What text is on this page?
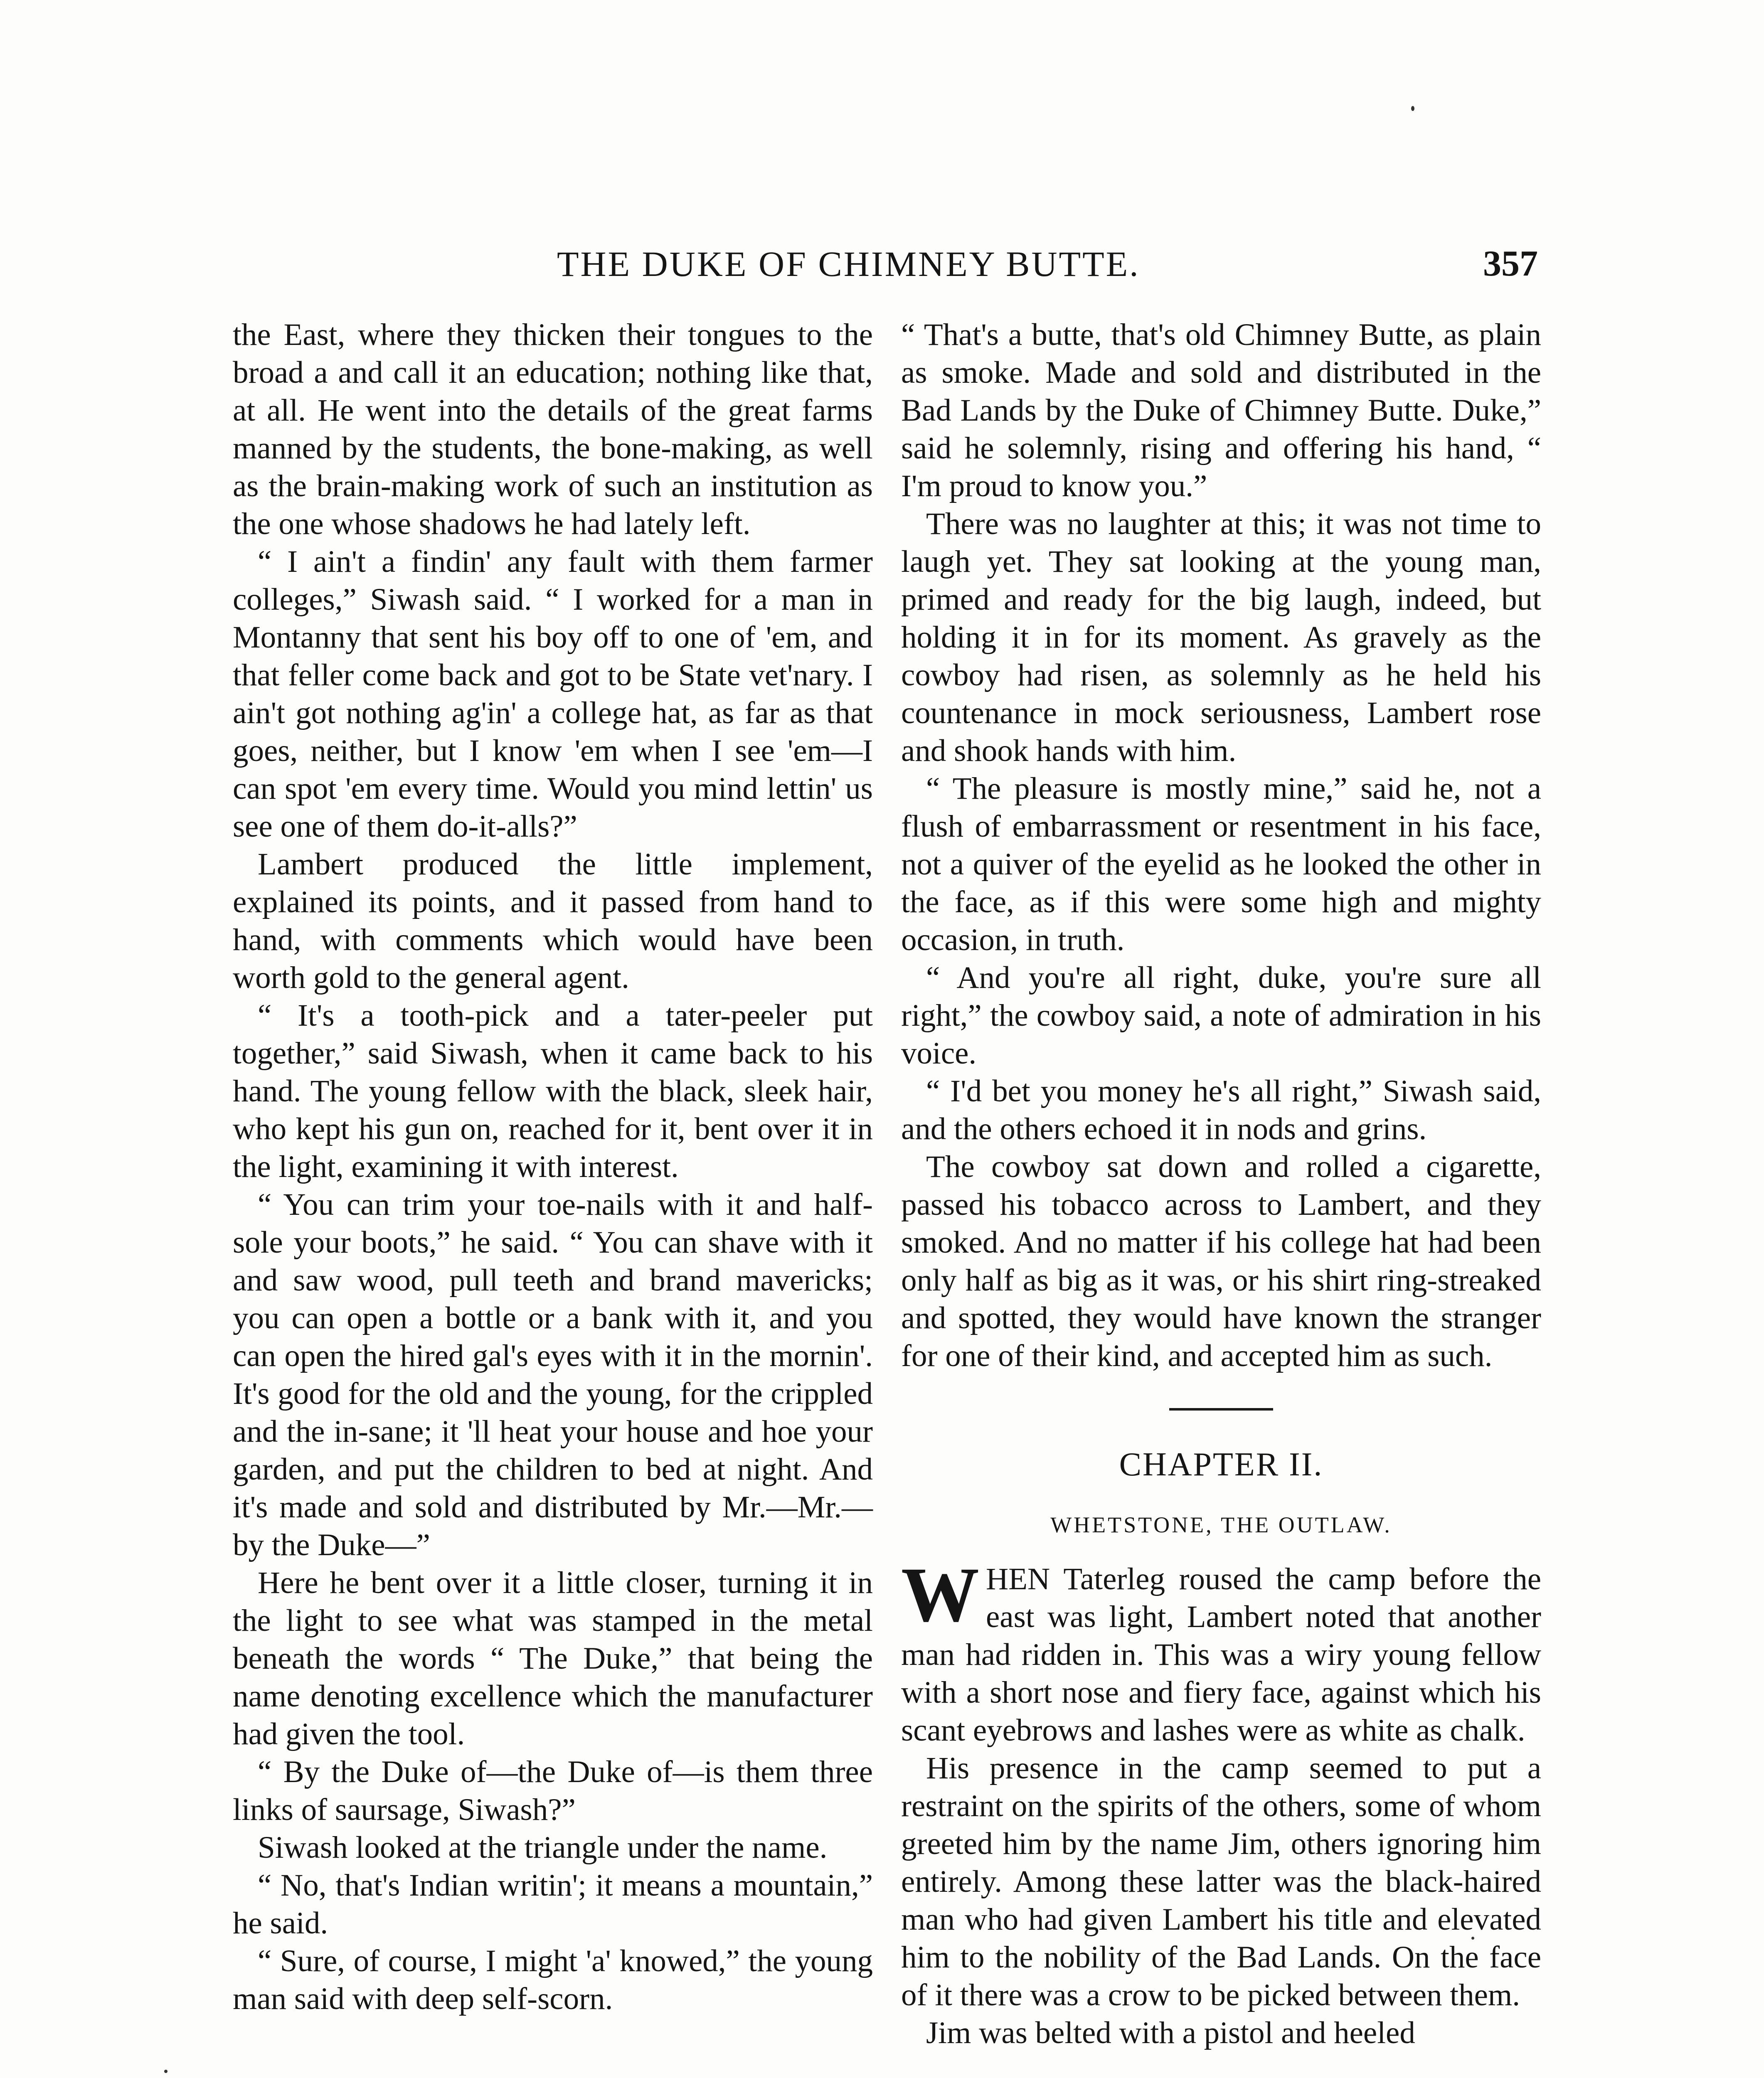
THE DUKE OF CHIMNEY BUTTE.	357

the East, where they thicken their tongues to the broad a and call it an education; nothing like that, at all. He went into the details of the great farms manned by the students, the bone-making, as well as the brain-making work of such an institution as the one whose shadows he had lately left.

“ I ain't a findin' any fault with them farmer colleges,” Siwash said. “ I worked for a man in Montanny that sent his boy off to one of 'em, and that feller come back and got to be State vet'nary. I ain't got nothing ag'in' a college hat, as far as that goes, neither, but I know 'em when I see 'em—I can spot 'em every time. Would you mind lettin' us see one of them do-it-alls?”

Lambert produced the little implement, explained its points, and it passed from hand to hand, with comments which would have been worth gold to the general agent.

“ It's a tooth-pick and a tater-peeler put together,” said Siwash, when it came back to his hand. The young fellow with the black, sleek hair, who kept his gun on, reached for it, bent over it in the light, examining it with interest.

“ You can trim your toe-nails with it and half-sole your boots,” he said. “ You can shave with it and saw wood, pull teeth and brand mavericks; you can open a bottle or a bank with it, and you can open the hired gal's eyes with it in the mornin'. It's good for the old and the young, for the crippled and the in-sane; it 'll heat your house and hoe your garden, and put the children to bed at night. And it's made and sold and distributed by Mr.—Mr.—by the Duke—”

Here he bent over it a little closer, turning it in the light to see what was stamped in the metal beneath the words “ The Duke,” that being the name denoting excellence which the manufacturer had given the tool.

“ By the Duke of—the Duke of—is them three links of saursage, Siwash?”

Siwash looked at the triangle under the name.

“ No, that's Indian writin'; it means a mountain,” he said.

“ Sure, of course, I might 'a' knowed,” the young man said with deep self-scorn.

“ That's a butte, that's old Chimney Butte, as plain as smoke. Made and sold and distributed in the Bad Lands by the Duke of Chimney Butte. Duke,” said he solemnly, rising and offering his hand, “ I'm proud to know you.”

There was no laughter at this; it was not time to laugh yet. They sat looking at the young man, primed and ready for the big laugh, indeed, but holding it in for its moment. As gravely as the cowboy had risen, as solemnly as he held his countenance in mock seriousness, Lambert rose and shook hands with him.

“ The pleasure is mostly mine,” said he, not a flush of embarrassment or resentment in his face, not a quiver of the eyelid as he looked the other in the face, as if this were some high and mighty occasion, in truth.

“ And you're all right, duke, you're sure all right,” the cowboy said, a note of admiration in his voice.

“ I'd bet you money he's all right,” Siwash said, and the others echoed it in nods and grins.

The cowboy sat down and rolled a cigarette, passed his tobacco across to Lambert, and they smoked. And no matter if his college hat had been only half as big as it was, or his shirt ring-streaked and spotted, they would have known the stranger for one of their kind, and accepted him as such.

CHAPTER II.
WHETSTONE, THE OUTLAW.

WHEN Taterleg roused the camp before the east was light, Lambert noted that another man had ridden in. This was a wiry young fellow with a short nose and fiery face, against which his scant eyebrows and lashes were as white as chalk.

His presence in the camp seemed to put a restraint on the spirits of the others, some of whom greeted him by the name Jim, others ignoring him entirely. Among these latter was the black-haired man who had given Lambert his title and elevated him to the nobility of the Bad Lands. On the face of it there was a crow to be picked between them.

Jim was belted with a pistol and heeled
